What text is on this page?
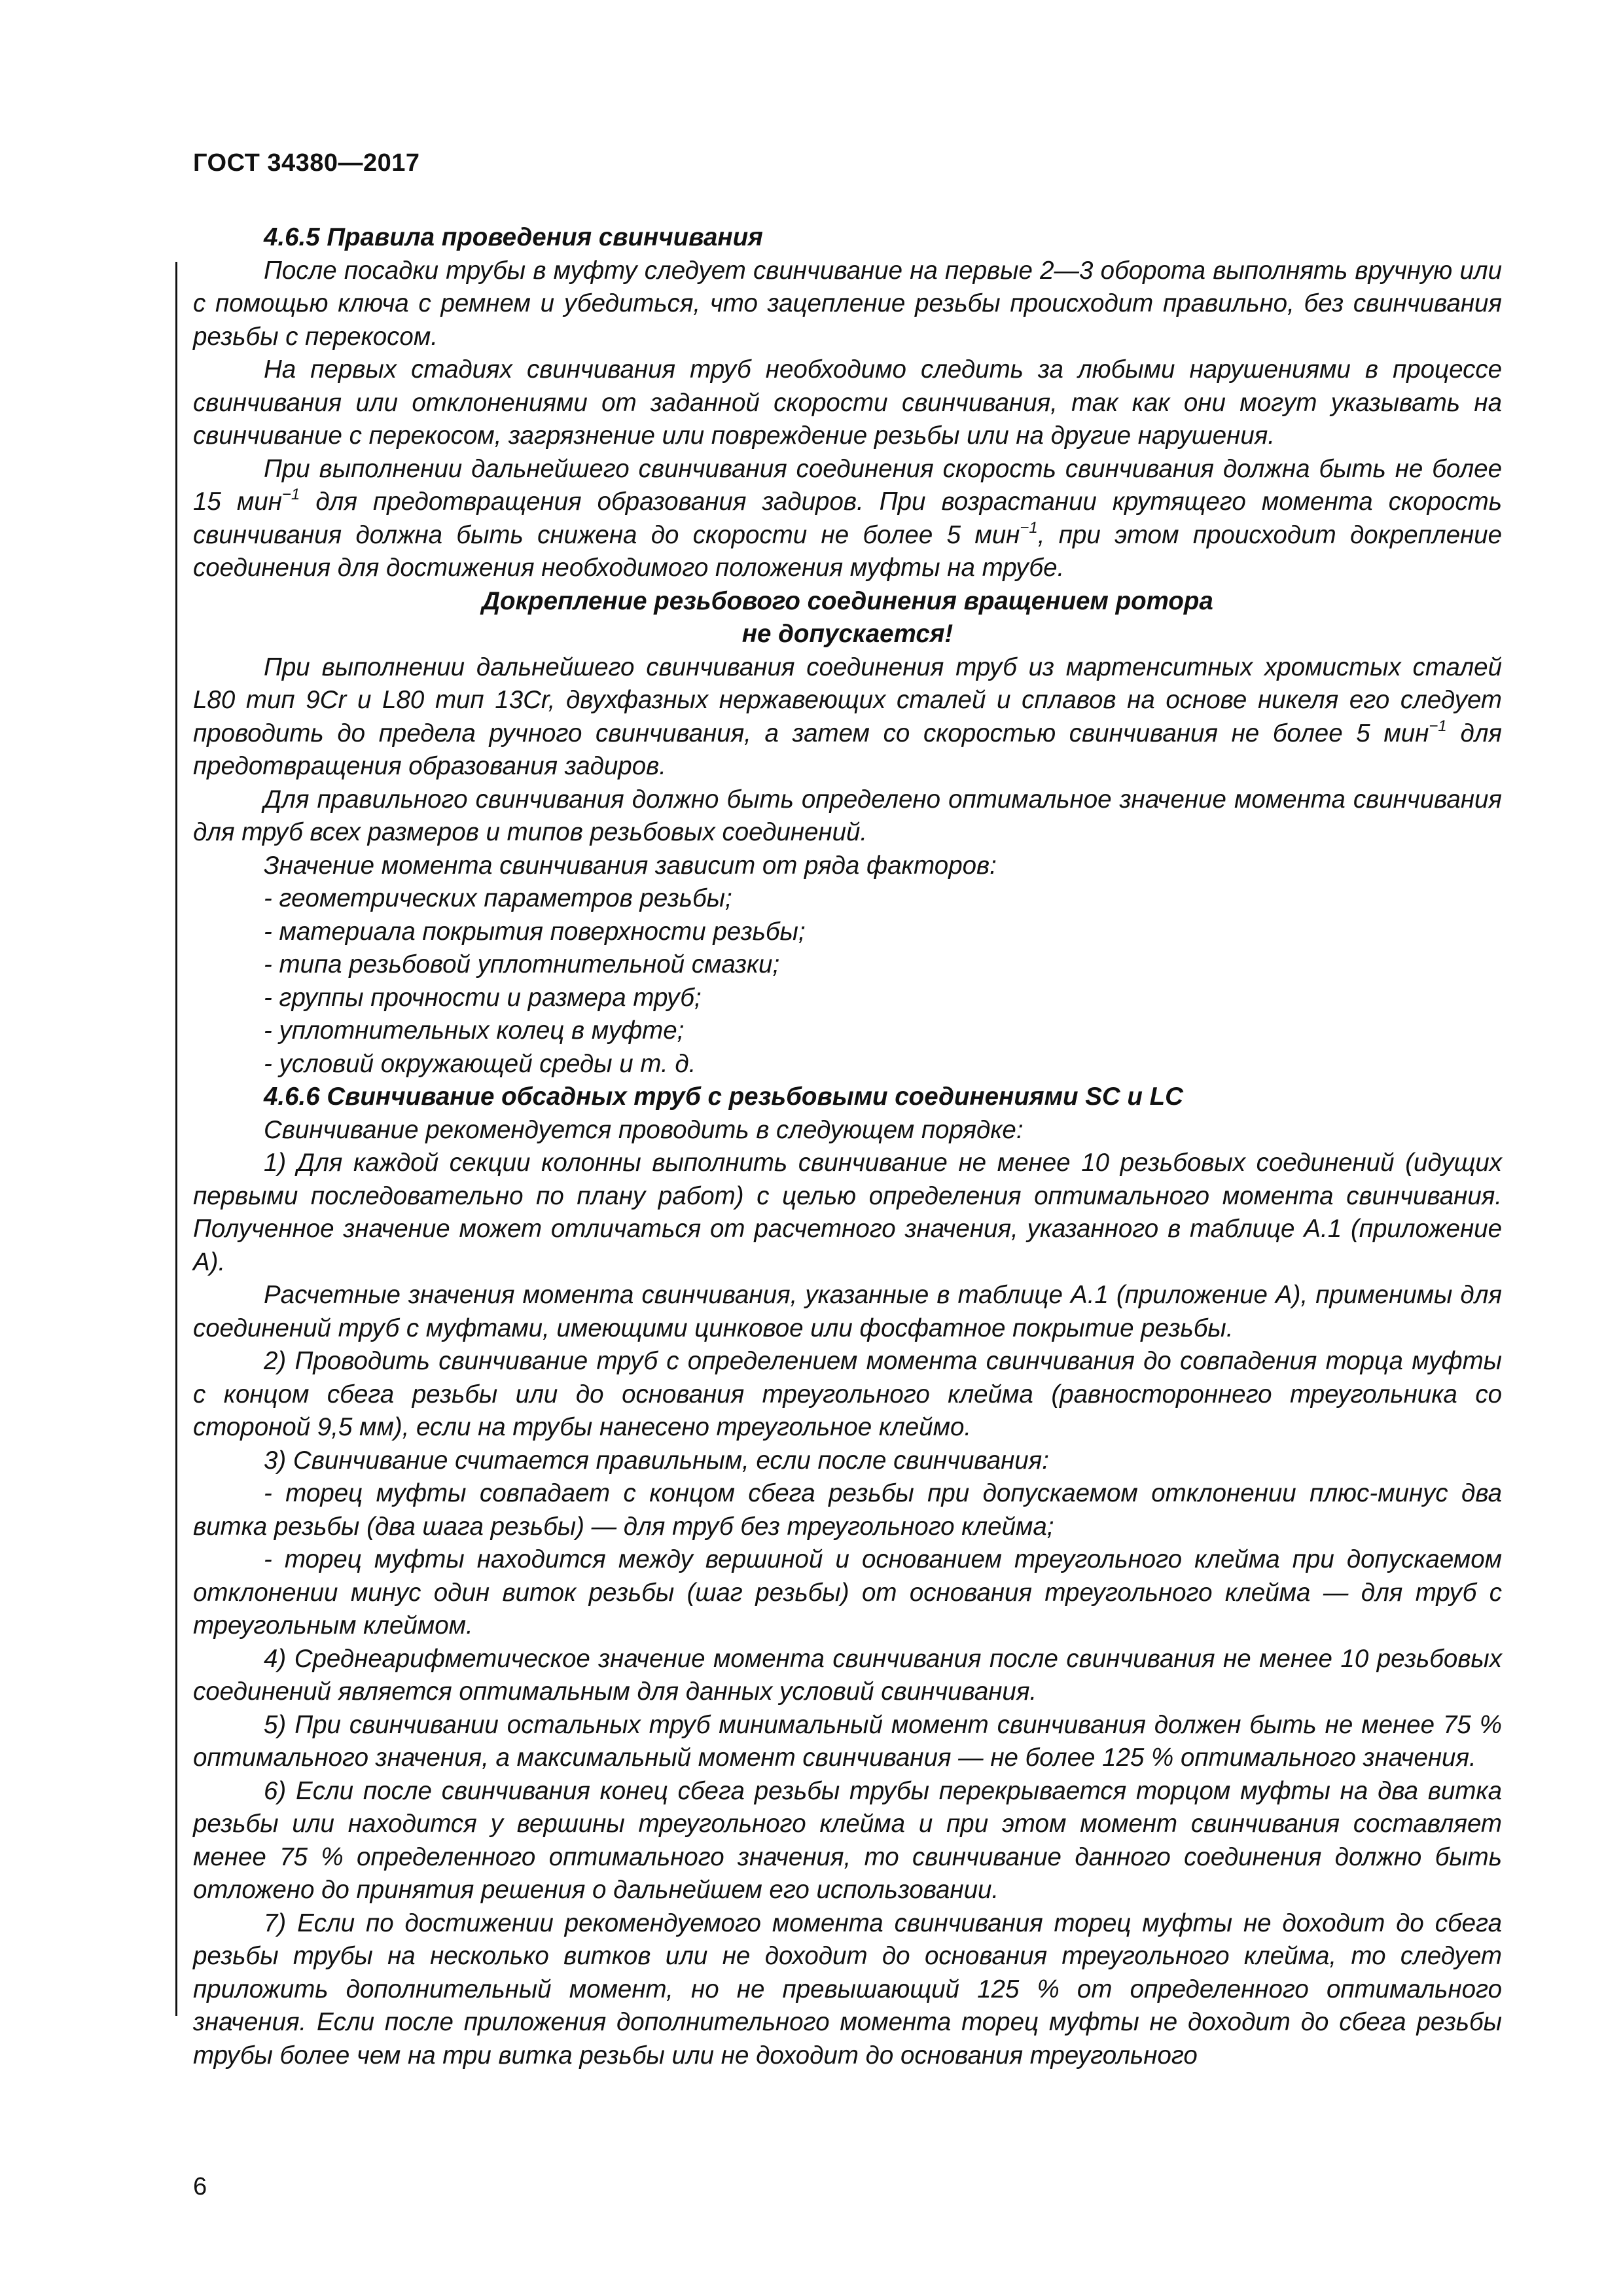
ГОСТ 34380—2017

4.6.5 Правила проведения свинчивания

После посадки трубы в муфту следует свинчивание на первые 2—3 оборота выполнять вручную или с помощью ключа с ремнем и убедиться, что зацепление резьбы происходит правильно, без свинчивания резьбы с перекосом.

На первых стадиях свинчивания труб необходимо следить за любыми нарушениями в процессе свинчивания или отклонениями от заданной скорости свинчивания, так как они могут указывать на свинчивание с перекосом, загрязнение или повреждение резьбы или на другие нарушения.

При выполнении дальнейшего свинчивания соединения скорость свинчивания должна быть не более 15 мин$^{-1}$ для предотвращения образования задиров. При возрастании крутящего момента скорость свинчивания должна быть снижена до скорости не более 5 мин$^{-1}$, при этом происходит докрепление соединения для достижения необходимого положения муфты на трубе.

Докрепление резьбового соединения вращением ротора

не допускается!

При выполнении дальнейшего свинчивания соединения труб из мартенситных хромистых сталей L80 тип 9Cr и L80 тип 13Cr, двухфазных нержавеющих сталей и сплавов на основе никеля его следует проводить до предела ручного свинчивания, а затем со скоростью свинчивания не более 5 мин$^{-1}$ для предотвращения образования задиров.

Для правильного свинчивания должно быть определено оптимальное значение момента свинчивания для труб всех размеров и типов резьбовых соединений.

Значение момента свинчивания зависит от ряда факторов:

- геометрических параметров резьбы;

- материала покрытия поверхности резьбы;

- типа резьбовой уплотнительной смазки;

- группы прочности и размера труб;

- уплотнительных колец в муфте;

- условий окружающей среды и т. д.

4.6.6 Свинчивание обсадных труб с резьбовыми соединениями SC и LC

Свинчивание рекомендуется проводить в следующем порядке:

1) Для каждой секции колонны выполнить свинчивание не менее 10 резьбовых соединений (идущих первыми последовательно по плану работ) с целью определения оптимального момента свинчивания. Полученное значение может отличаться от расчетного значения, указанного в таблице А.1 (приложение А).

Расчетные значения момента свинчивания, указанные в таблице А.1 (приложение А), применимы для соединений труб с муфтами, имеющими цинковое или фосфатное покрытие резьбы.

2) Проводить свинчивание труб с определением момента свинчивания до совпадения торца муфты с концом сбега резьбы или до основания треугольного клейма (равностороннего треугольника со стороной 9,5 мм), если на трубы нанесено треугольное клеймо.

3) Свинчивание считается правильным, если после свинчивания:

- торец муфты совпадает с концом сбега резьбы при допускаемом отклонении плюс-минус два витка резьбы (два шага резьбы) — для труб без треугольного клейма;

- торец муфты находится между вершиной и основанием треугольного клейма при допускаемом отклонении минус один виток резьбы (шаг резьбы) от основания треугольного клейма — для труб с треугольным клеймом.

4) Среднеарифметическое значение момента свинчивания после свинчивания не менее 10 резьбовых соединений является оптимальным для данных условий свинчивания.

5) При свинчивании остальных труб минимальный момент свинчивания должен быть не менее 75 % оптимального значения, а максимальный момент свинчивания — не более 125 % оптимального значения.

6) Если после свинчивания конец сбега резьбы трубы перекрывается торцом муфты на два витка резьбы или находится у вершины треугольного клейма и при этом момент свинчивания составляет менее 75 % определенного оптимального значения, то свинчивание данного соединения должно быть отложено до принятия решения о дальнейшем его использовании.

7) Если по достижении рекомендуемого момента свинчивания торец муфты не доходит до сбега резьбы трубы на несколько витков или не доходит до основания треугольного клейма, то следует приложить дополнительный момент, но не превышающий 125 % от определенного оптимального значения. Если после приложения дополнительного момента торец муфты не доходит до сбега резьбы трубы более чем на три витка резьбы или не доходит до основания треугольного

6
